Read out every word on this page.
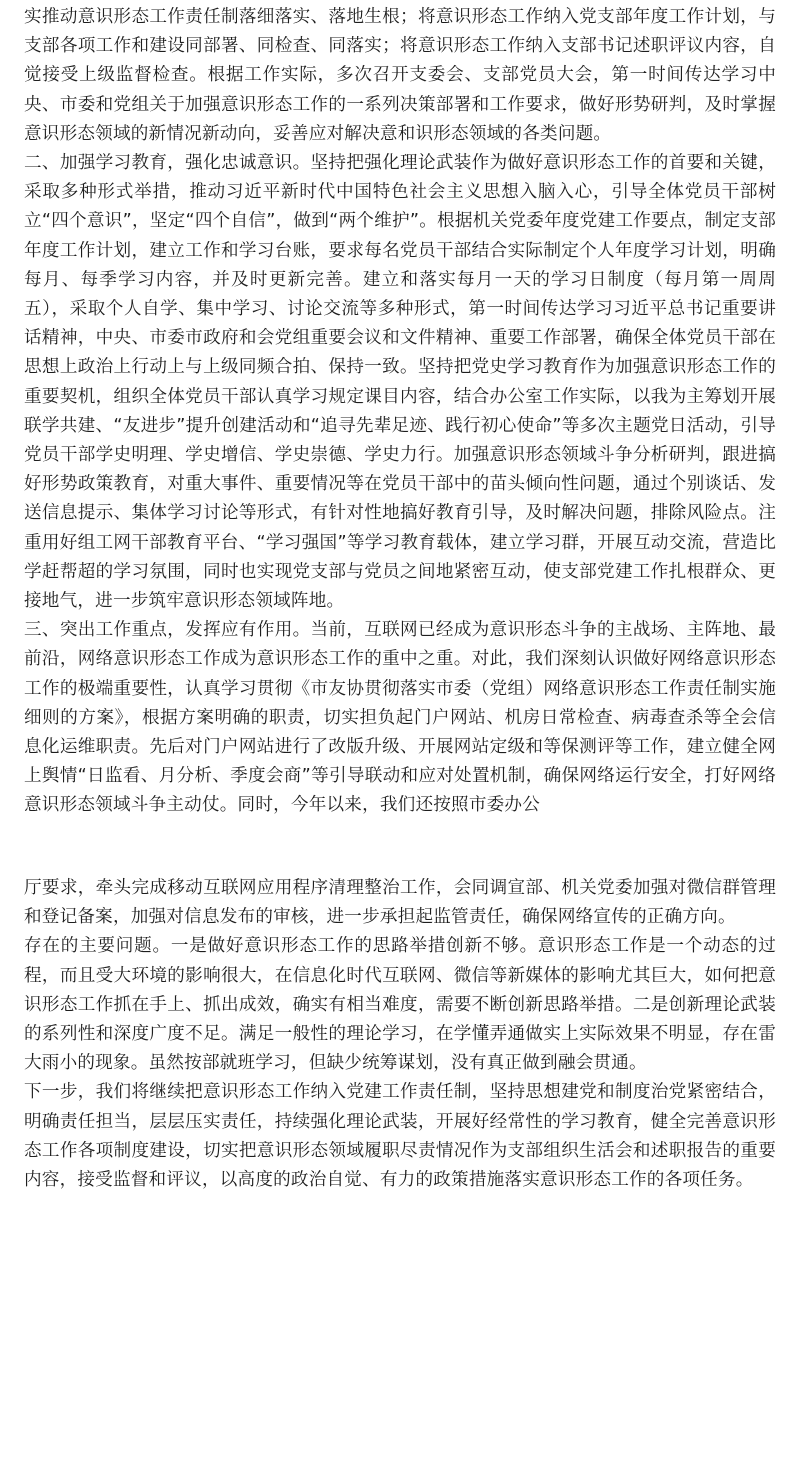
实推动意识形态工作责任制落细落实、落地生根；将意识形态工作纳入党支部年度工作计划，与支部各项工作和建设同部署、同检查、同落实；将意识形态工作纳入支部书记述职评议内容，自觉接受上级监督检查。根据工作实际，多次召开支委会、支部党员大会，第一时间传达学习中央、市委和党组关于加强意识形态工作的一系列决策部署和工作要求，做好形势研判，及时掌握意识形态领域的新情况新动向，妥善应对解决意和识形态领域的各类问题。

二、加强学习教育，强化忠诚意识。坚持把强化理论武装作为做好意识形态工作的首要和关键，采取多种形式举措，推动习近平新时代中国特色社会主义思想入脑入心，引导全体党员干部树立“四个意识”，坚定“四个自信”，做到“两个维护”。根据机关党委年度党建工作要点，制定支部年度工作计划，建立工作和学习台账，要求每名党员干部结合实际制定个人年度学习计划，明确每月、每季学习内容，并及时更新完善。建立和落实每月一天的学习日制度（每月第一周周五），采取个人自学、集中学习、讨论交流等多种形式，第一时间传达学习习近平总书记重要讲话精神，中央、市委市政府和会党组重要会议和文件精神、重要工作部署，确保全体党员干部在思想上政治上行动上与上级同频合拍、保持一致。坚持把党史学习教育作为加强意识形态工作的重要契机，组织全体党员干部认真学习规定课目内容，结合办公室工作实际，以我为主筹划开展联学共建、“友进步”提升创建活动和“追寻先辈足迹、践行初心使命”等多次主题党日活动，引导党员干部学史明理、学史增信、学史崇德、学史力行。加强意识形态领域斗争分析研判，跟进搞好形势政策教育，对重大事件、重要情况等在党员干部中的苗头倾向性问题，通过个别谈话、发送信息提示、集体学习讨论等形式，有针对性地搞好教育引导，及时解决问题，排除风险点。注重用好组工网干部教育平台、“学习强国”等学习教育载体，建立学习群，开展互动交流，营造比学赶帮超的学习氛围，同时也实现党支部与党员之间地紧密互动，使支部党建工作扎根群众、更接地气，进一步筑牢意识形态领域阵地。

三、突出工作重点，发挥应有作用。当前，互联网已经成为意识形态斗争的主战场、主阵地、最前沿，网络意识形态工作成为意识形态工作的重中之重。对此，我们深刻认识做好网络意识形态工作的极端重要性，认真学习贯彻《市友协贯彻落实市委（党组）网络意识形态工作责任制实施细则的方案》，根据方案明确的职责，切实担负起门户网站、机房日常检查、病毒查杀等全会信息化运维职责。先后对门户网站进行了改版升级、开展网站定级和等保测评等工作，建立健全网上舆情“日监看、月分析、季度会商”等引导联动和应对处置机制，确保网络运行安全，打好网络意识形态领域斗争主动仗。同时，今年以来，我们还按照市委办公

厅要求，牵头完成移动互联网应用程序清理整治工作，会同调宣部、机关党委加强对微信群管理和登记备案，加强对信息发布的审核，进一步承担起监管责任，确保网络宣传的正确方向。

存在的主要问题。一是做好意识形态工作的思路举措创新不够。意识形态工作是一个动态的过程，而且受大环境的影响很大，在信息化时代互联网、微信等新媒体的影响尤其巨大，如何把意识形态工作抓在手上、抓出成效，确实有相当难度，需要不断创新思路举措。二是创新理论武装的系列性和深度广度不足。满足一般性的理论学习，在学懂弄通做实上实际效果不明显，存在雷大雨小的现象。虽然按部就班学习，但缺少统筹谋划，没有真正做到融会贯通。

下一步，我们将继续把意识形态工作纳入党建工作责任制，坚持思想建党和制度治党紧密结合，明确责任担当，层层压实责任，持续强化理论武装，开展好经常性的学习教育，健全完善意识形态工作各项制度建设，切实把意识形态领域履职尽责情况作为支部组织生活会和述职报告的重要内容，接受监督和评议，以高度的政治自觉、有力的政策措施落实意识形态工作的各项任务。
